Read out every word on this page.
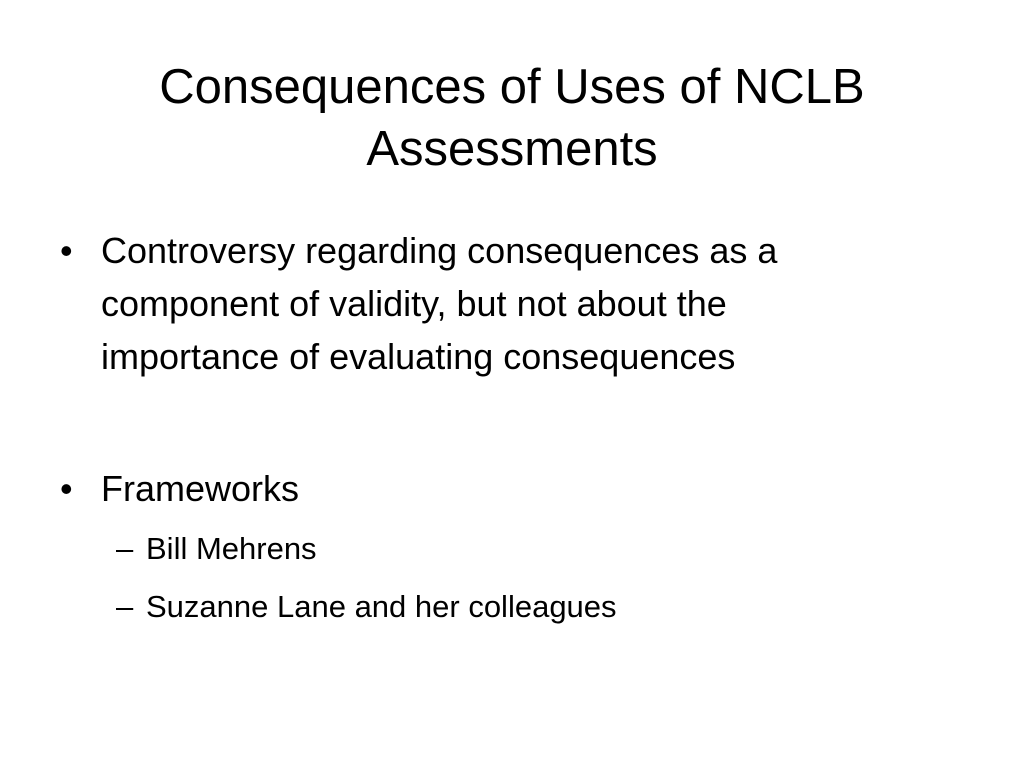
Consequences of Uses of NCLB
Assessments
• Controversy regarding consequences as a
component of validity, but not about the
importance of evaluating consequences
• Frameworks
– Bill Mehrens
– Suzanne Lane and her colleagues
